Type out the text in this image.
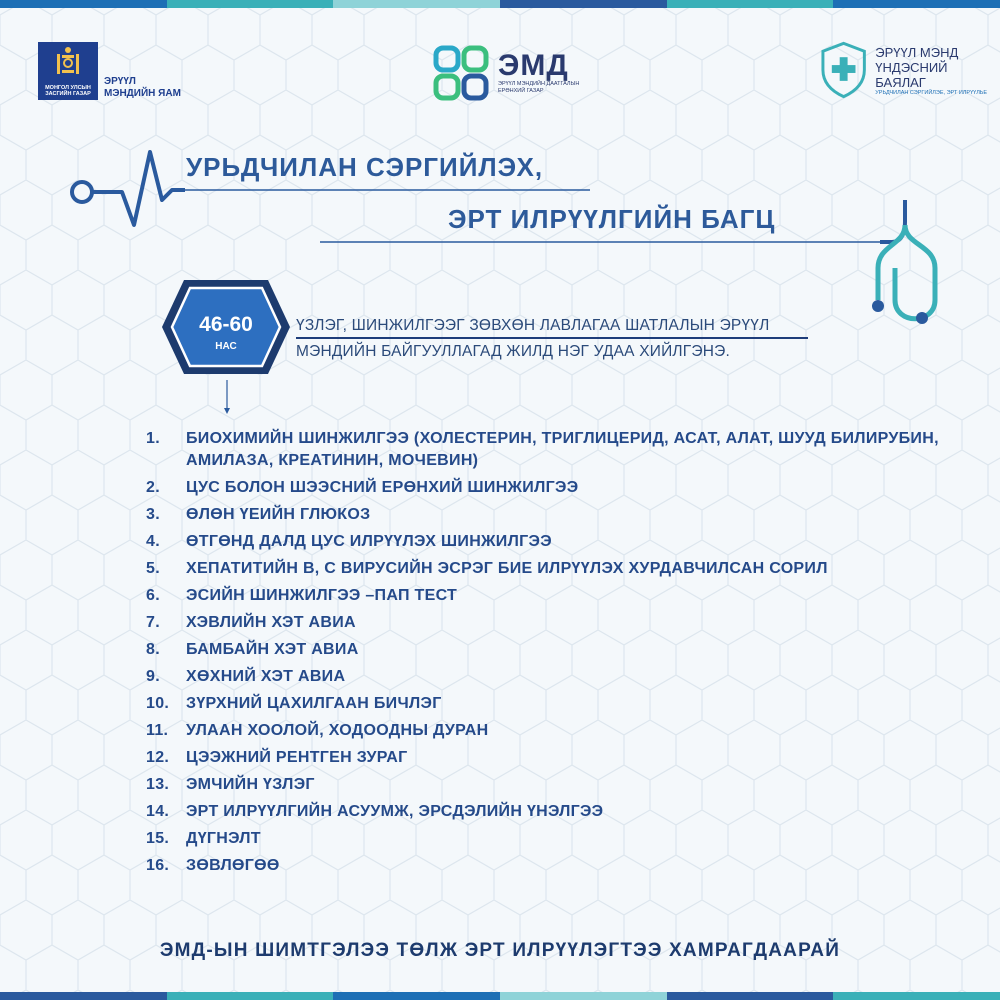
МОНГОЛ УЛСЫН ЗАСГИЙН ГАЗАР
ЭРҮҮЛ
МЭНДИЙН ЯАМ
ЭМД
ЭРҮҮЛ МЭНДИЙН ДААТГАЛЫН
ЕРӨНХИЙ ГАЗАР
ЭРҮҮЛ МЭНД
ҮНДЭСНИЙ БАЯЛАГ
УРЬДЧИЛАН СЭРГИЙЛЭЕ, ЭРТ ИЛРҮҮЛЬЕ
УРЬДЧИЛАН СЭРГИЙЛЭХ,
ЭРТ ИЛРҮҮЛГИЙН БАГЦ
46-60
НАС
ҮЗЛЭГ, ШИНЖИЛГЭЭГ ЗӨВХӨН ЛАВЛАГАА ШАТЛАЛЫН ЭРҮҮЛ
МЭНДИЙН БАЙГУУЛЛАГАД ЖИЛД НЭГ УДАА ХИЙЛГЭНЭ.
1.	БИОХИМИЙН ШИНЖИЛГЭЭ (ХОЛЕСТЕРИН, ТРИГЛИЦЕРИД, АСАТ, АЛАТ, ШУУД БИЛИРУБИН, АМИЛАЗА, КРЕАТИНИН, МОЧЕВИН)
2.	ЦУС БОЛОН ШЭЭСНИЙ ЕРӨНХИЙ ШИНЖИЛГЭЭ
3.	ӨЛӨН ҮЕИЙН ГЛЮКОЗ
4.	ӨТГӨНД ДАЛД ЦУС ИЛРҮҮЛЭХ ШИНЖИЛГЭЭ
5.	ХЕПАТИТИЙН В, С ВИРУСИЙН ЭСРЭГ БИЕ ИЛРҮҮЛЭХ ХУРДАВЧИЛСАН СОРИЛ
6.	ЭСИЙН ШИНЖИЛГЭЭ –ПАП ТЕСТ
7.	ХЭВЛИЙН ХЭТ АВИА
8.	БАМБАЙН ХЭТ АВИА
9.	ХӨХНИЙ ХЭТ АВИА
10.	ЗҮРХНИЙ ЦАХИЛГААН БИЧЛЭГ
11.	УЛААН ХООЛОЙ, ХОДООДНЫ ДУРАН
12.	ЦЭЭЖНИЙ РЕНТГЕН ЗУРАГ
13.	ЭМЧИЙН ҮЗЛЭГ
14.	ЭРТ ИЛРҮҮЛГИЙН АСУУМЖ, ЭРСДЭЛИЙН ҮНЭЛГЭЭ
15.	ДҮГНЭЛТ
16.	ЗӨВЛӨГӨӨ
ЭМД-ЫН ШИМТГЭЛЭЭ ТӨЛЖ ЭРТ ИЛРҮҮЛЭГТЭЭ ХАМРАГДААРАЙ
